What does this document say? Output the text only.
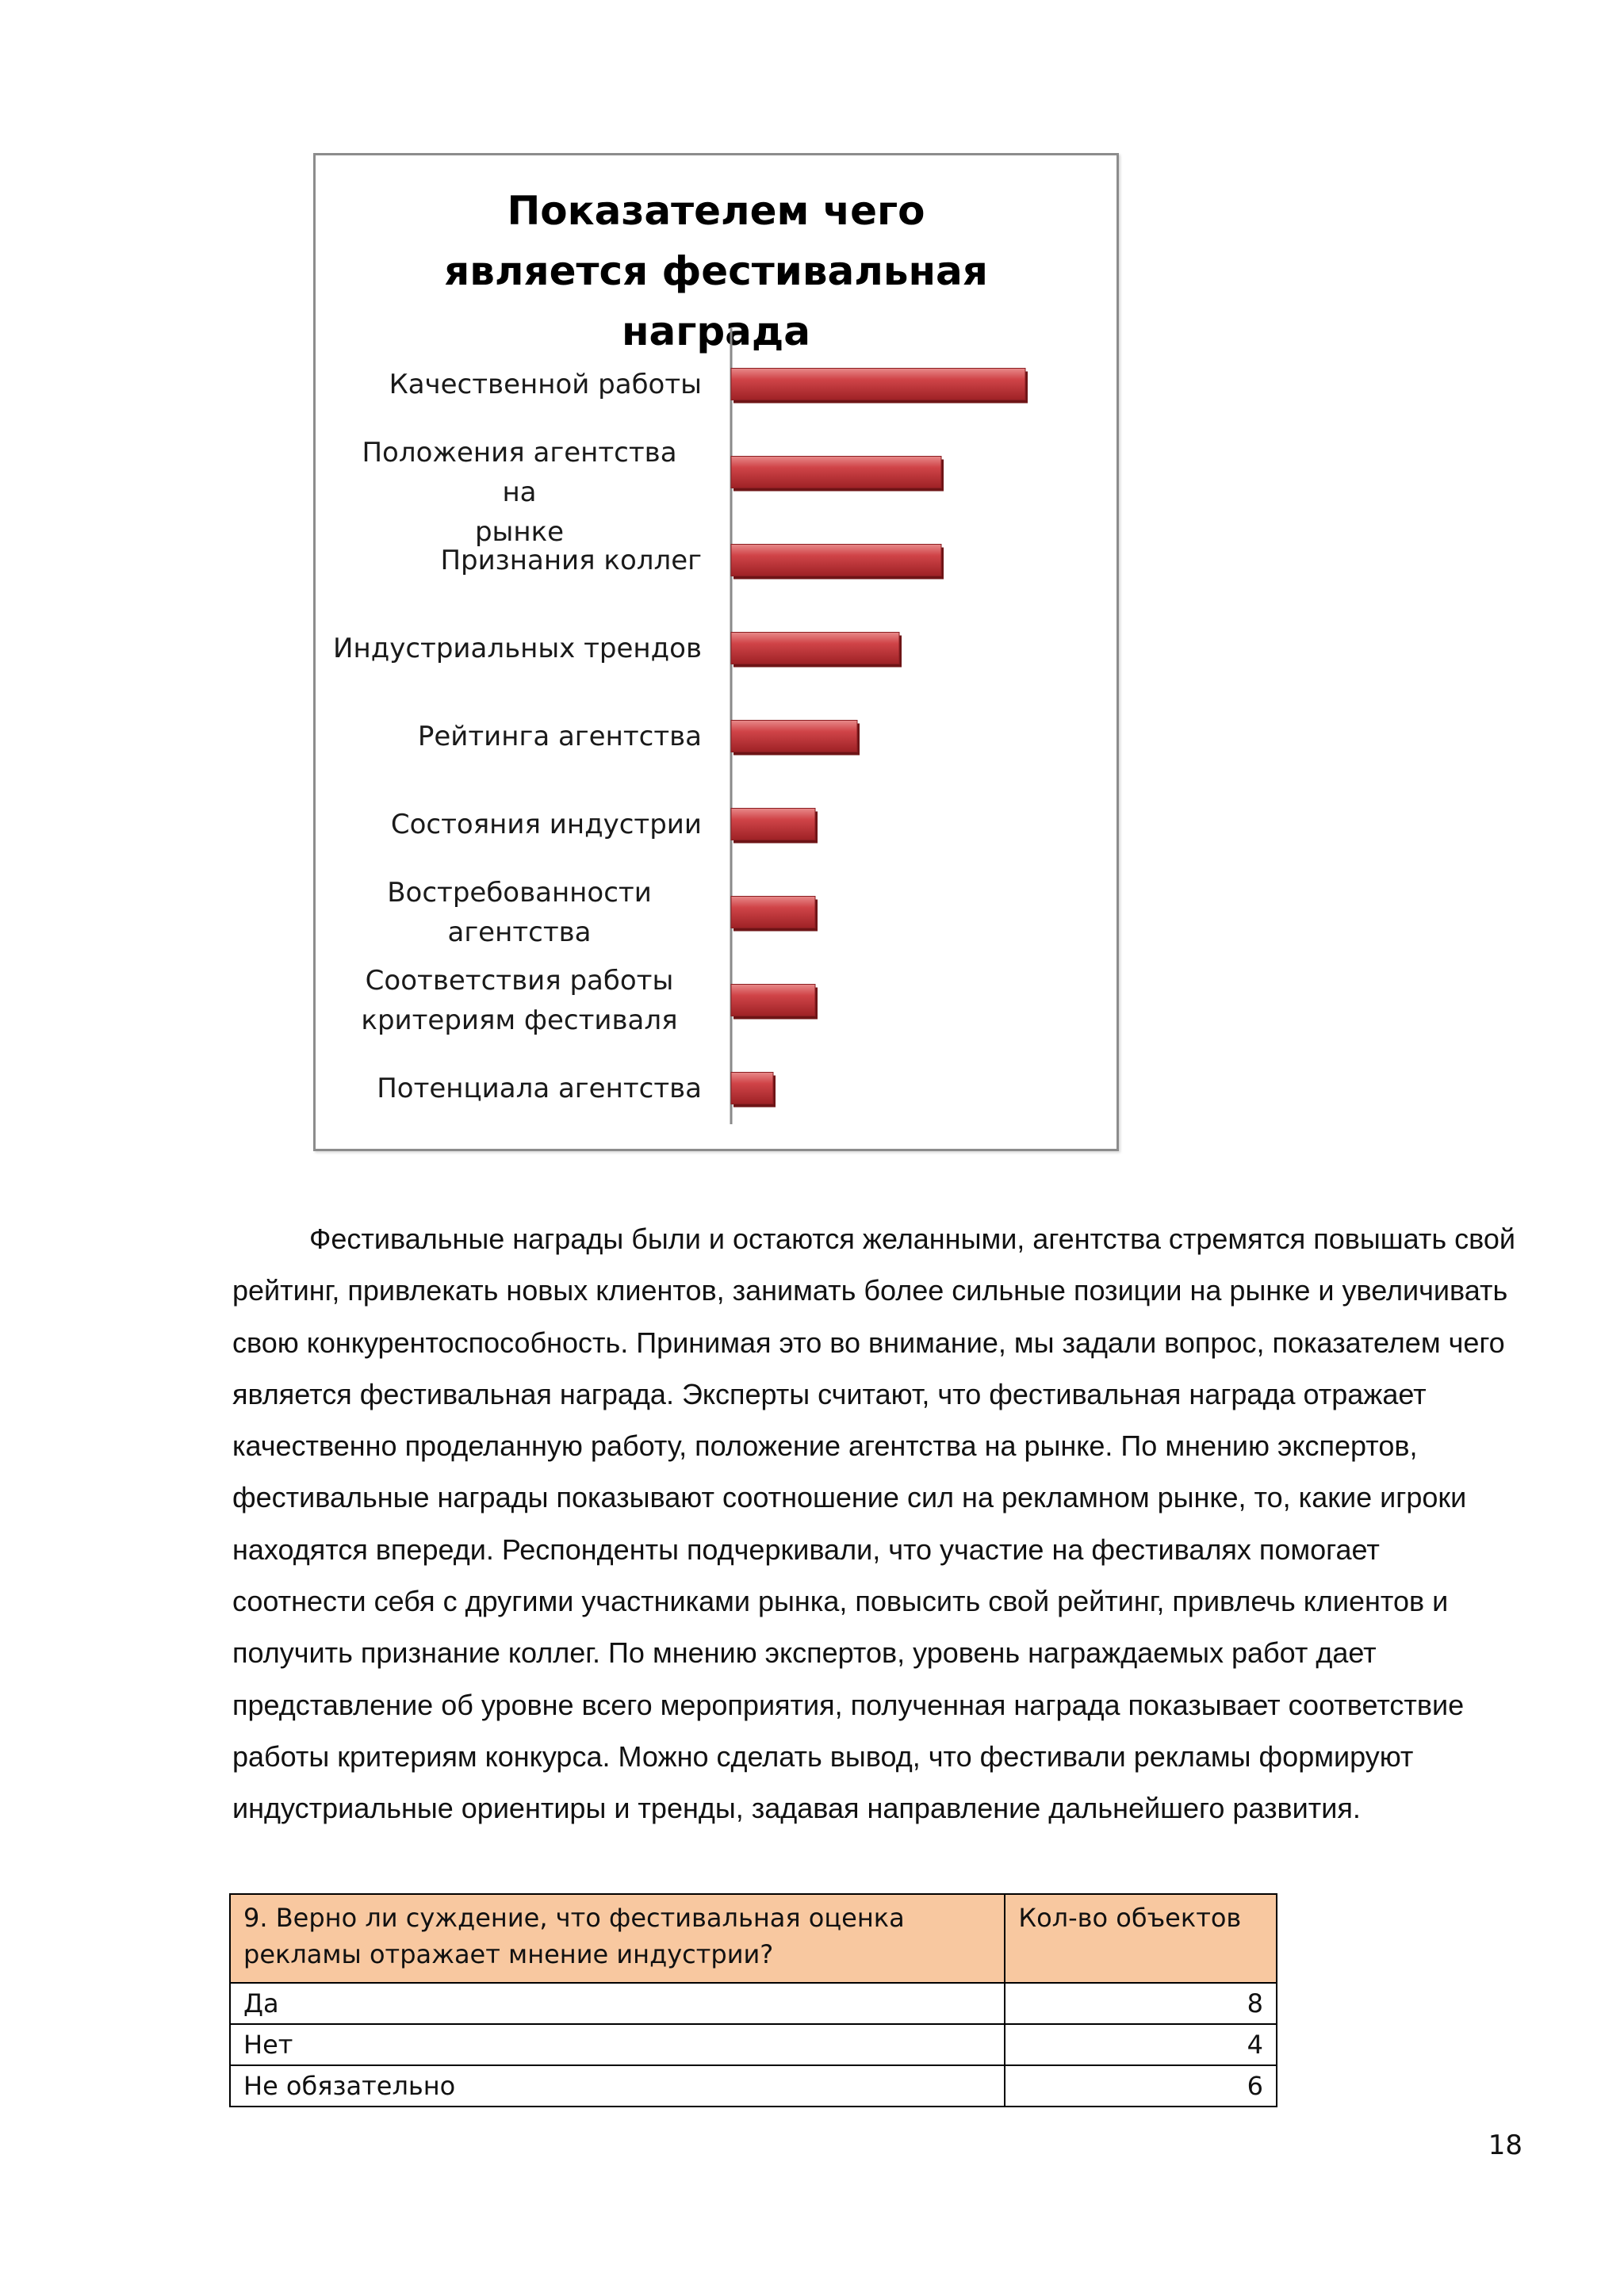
Показателем чего является фестивальная награда
Качественной работы
Положения агентства на
рынке
Признания коллег
Индустриальных трендов
Рейтинга агентства
Состояния индустрии
Востребованности
агентства
Соответствия работы
критериям фестиваля
Потенциала агентства

Фестивальные награды были и остаются желанными, агентства стремятся повышать свой рейтинг, привлекать новых клиентов, занимать более сильные позиции на рынке и увеличивать свою конкурентоспособность. Принимая это во внимание, мы задали вопрос, показателем чего является фестивальная награда. Эксперты считают, что фестивальная награда отражает качественно проделанную работу, положение агентства на рынке. По мнению экспертов, фестивальные награды показывают соотношение сил на рекламном рынке, то, какие игроки находятся впереди. Респонденты подчеркивали, что участие на фестивалях помогает соотнести себя с другими участниками рынка, повысить свой рейтинг, привлечь клиентов и получить признание коллег. По мнению экспертов, уровень награждаемых работ дает представление об уровне всего мероприятия, полученная награда показывает соответствие работы критериям конкурса. Можно сделать вывод, что фестивали рекламы формируют индустриальные ориентиры и тренды, задавая направление дальнейшего развития.

9. Верно ли суждение, что фестивальная оценка рекламы отражает мнение индустрии?	Кол-во объектов
Да	8
Нет	4
Не обязательно	6
18
